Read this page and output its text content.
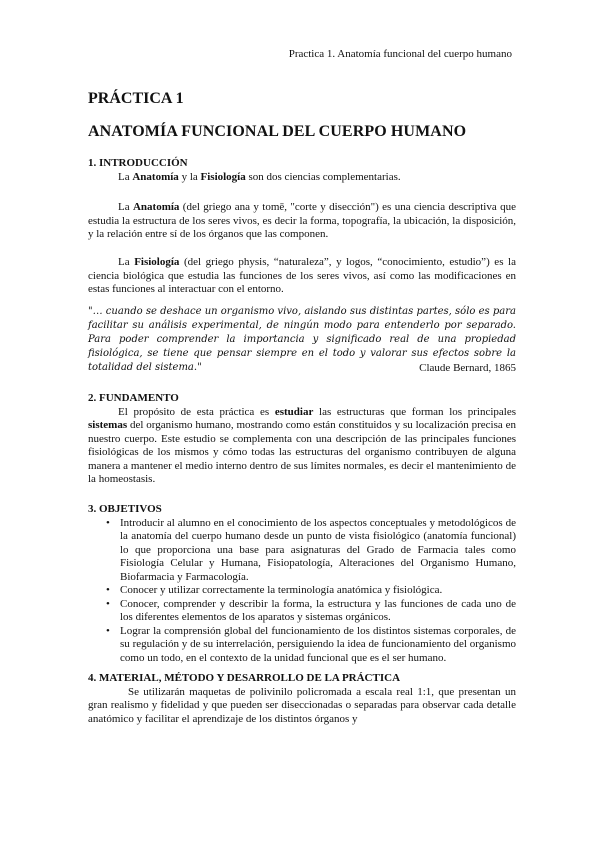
Practica 1. Anatomía funcional del cuerpo humano
PRÁCTICA 1
ANATOMÍA FUNCIONAL DEL CUERPO HUMANO
1. INTRODUCCIÓN

La Anatomía y la Fisiología son dos ciencias complementarias.

La Anatomía (del griego ana y tomē, "corte y disección") es una ciencia descriptiva que estudia la estructura de los seres vivos, es decir la forma, topografía, la ubicación, la disposición, y la relación entre sí de los órganos que las componen.

La Fisiología (del griego physis, “naturaleza”, y logos, “conocimiento, estudio”) es la ciencia biológica que estudia las funciones de los seres vivos, así como las modificaciones en estas funciones al interactuar con el entorno.

"… cuando se deshace un organismo vivo, aislando sus distintas partes, sólo es para facilitar su análisis experimental, de ningún modo para entenderlo por separado. Para poder comprender la importancia y significado real de una propiedad fisiológica, se tiene que pensar siempre en el todo y valorar sus efectos sobre la totalidad del sistema."	Claude Bernard, 1865
2. FUNDAMENTO

El propósito de esta práctica es estudiar las estructuras que forman los principales sistemas del organismo humano, mostrando como están constituidos y su localización precisa en nuestro cuerpo. Este estudio se complementa con una descripción de las principales funciones fisiológicas de los mismos y cómo todas las estructuras del organismo contribuyen de alguna manera a mantener el medio interno dentro de sus límites normales, es decir el mantenimiento de la homeostasis.

3. OBJETIVOS
• Introducir al alumno en el conocimiento de los aspectos conceptuales y metodológicos de la anatomía del cuerpo humano desde un punto de vista fisiológico (anatomía funcional) lo que proporciona una base para asignaturas del Grado de Farmacia tales como Fisiología Celular y Humana, Fisiopatología, Alteraciones del Organismo Humano, Biofarmacia y Farmacología.
• Conocer y utilizar correctamente la terminología anatómica y fisiológica.
• Conocer, comprender y describir la forma, la estructura y las funciones de cada uno de los diferentes elementos de los aparatos y sistemas orgánicos.
• Lograr la comprensión global del funcionamiento de los distintos sistemas corporales, de su regulación y de su interrelación, persiguiendo la idea de funcionamiento del organismo como un todo, en el contexto de la unidad funcional que es el ser humano.
4. MATERIAL, MÉTODO Y DESARROLLO DE LA PRÁCTICA

Se utilizarán maquetas de polivinilo policromada a escala real 1:1, que presentan un gran realismo y fidelidad y que pueden ser diseccionadas o separadas para observar cada detalle anatómico y facilitar el aprendizaje de los distintos órganos y
